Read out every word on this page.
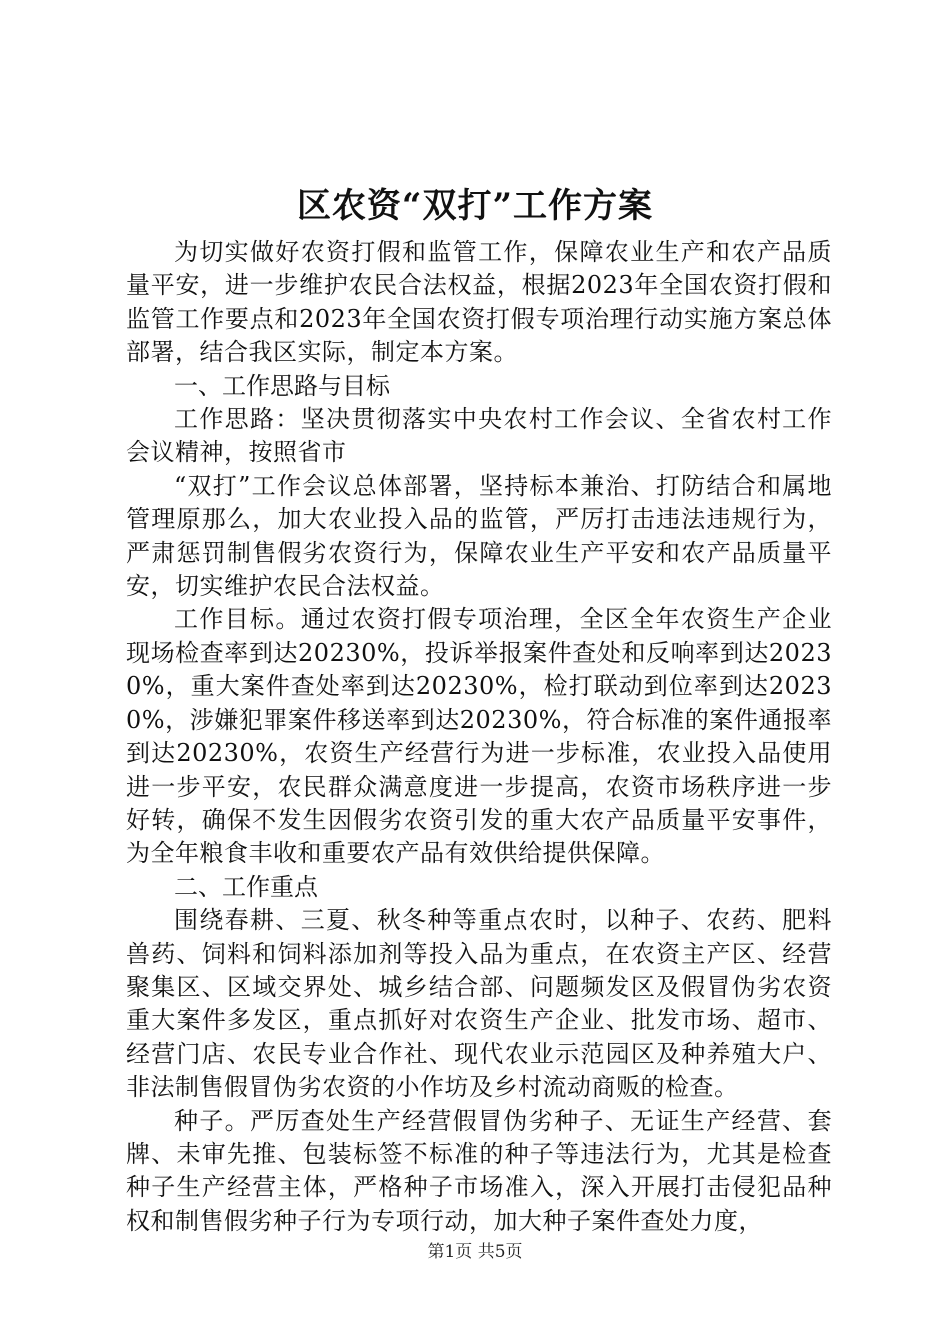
区农资“双打”工作方案

为切实做好农资打假和监管工作，保障农业生产和农产品质量平安，进一步维护农民合法权益，根据2023年全国农资打假和监管工作要点和2023年全国农资打假专项治理行动实施方案总体部署，结合我区实际，制定本方案。

一、工作思路与目标

工作思路：坚决贯彻落实中央农村工作会议、全省农村工作会议精神，按照省市

“双打”工作会议总体部署，坚持标本兼治、打防结合和属地管理原那么，加大农业投入品的监管，严厉打击违法违规行为，严肃惩罚制售假劣农资行为，保障农业生产平安和农产品质量平安，切实维护农民合法权益。

工作目标。通过农资打假专项治理，全区全年农资生产企业现场检查率到达20230%，投诉举报案件查处和反响率到达20230%，重大案件查处率到达20230%，检打联动到位率到达20230%，涉嫌犯罪案件移送率到达20230%，符合标准的案件通报率到达20230%，农资生产经营行为进一步标准，农业投入品使用进一步平安，农民群众满意度进一步提高，农资市场秩序进一步好转，确保不发生因假劣农资引发的重大农产品质量平安事件，为全年粮食丰收和重要农产品有效供给提供保障。

二、工作重点

围绕春耕、三夏、秋冬种等重点农时，以种子、农药、肥料兽药、饲料和饲料添加剂等投入品为重点，在农资主产区、经营聚集区、区域交界处、城乡结合部、问题频发区及假冒伪劣农资重大案件多发区，重点抓好对农资生产企业、批发市场、超市、经营门店、农民专业合作社、现代农业示范园区及种养殖大户、非法制售假冒伪劣农资的小作坊及乡村流动商贩的检查。

种子。严厉查处生产经营假冒伪劣种子、无证生产经营、套牌、未审先推、包装标签不标准的种子等违法行为，尤其是检查种子生产经营主体，严格种子市场准入，深入开展打击侵犯品种权和制售假劣种子行为专项行动，加大种子案件查处力度，

第1页 共5页
